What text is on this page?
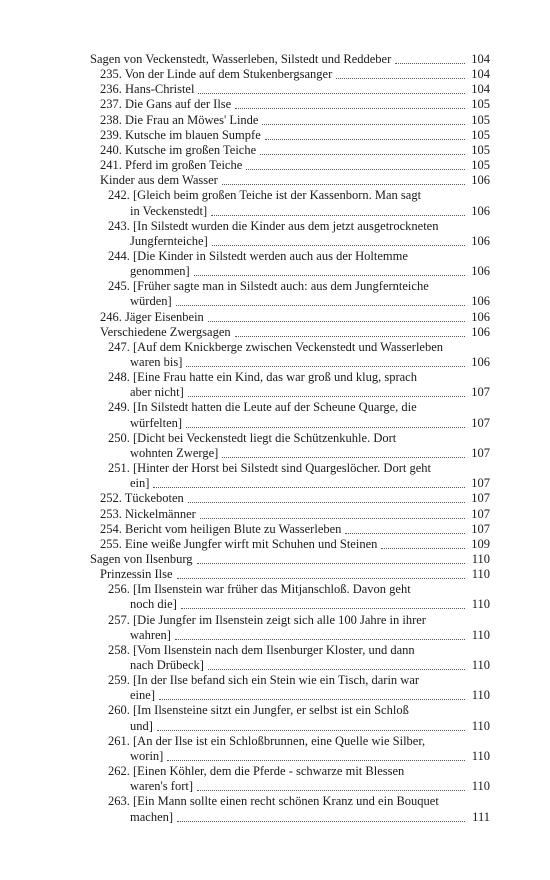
Sagen von Veckenstedt, Wasserleben, Silstedt und Reddeber	104
235. Von der Linde auf dem Stukenbergsanger	104
236. Hans-Christel	104
237. Die Gans auf der Ilse	105
238. Die Frau an Möwes' Linde	105
239. Kutsche im blauen Sumpfe	105
240. Kutsche im großen Teiche	105
241. Pferd im großen Teiche	105
Kinder aus dem Wasser	106
242. [Gleich beim großen Teiche ist der Kassenborn. Man sagt
in Veckenstedt]	106
243. [In Silstedt wurden die Kinder aus dem jetzt ausgetrockneten
Jungfernteiche]	106
244. [Die Kinder in Silstedt werden auch aus der Holtemme
genommen]	106
245. [Früher sagte man in Silstedt auch: aus dem Jungfernteiche
würden]	106
246. Jäger Eisenbein	106
Verschiedene Zwergsagen	106
247. [Auf dem Knickberge zwischen Veckenstedt und Wasserleben
waren bis]	106
248. [Eine Frau hatte ein Kind, das war groß und klug, sprach
aber nicht]	107
249. [In Silstedt hatten die Leute auf der Scheune Quarge, die
würfelten]	107
250. [Dicht bei Veckenstedt liegt die Schützenkuhle. Dort
wohnten Zwerge]	107
251. [Hinter der Horst bei Silstedt sind Quargeslöcher. Dort geht
ein]	107
252. Tückeboten	107
253. Nickelmänner	107
254. Bericht vom heiligen Blute zu Wasserleben	107
255. Eine weiße Jungfer wirft mit Schuhen und Steinen	109
Sagen von Ilsenburg	110
Prinzessin Ilse	110
256. [Im Ilsenstein war früher das Mitjanschloß. Davon geht
noch die]	110
257. [Die Jungfer im Ilsenstein zeigt sich alle 100 Jahre in ihrer
wahren]	110
258. [Vom Ilsenstein nach dem Ilsenburger Kloster, und dann
nach Drübeck]	110
259. [In der Ilse befand sich ein Stein wie ein Tisch, darin war
eine]	110
260. [Im Ilsensteine sitzt ein Jungfer, er selbst ist ein Schloß
und]	110
261. [An der Ilse ist ein Schloßbrunnen, eine Quelle wie Silber,
worin]	110
262. [Einen Köhler, dem die Pferde - schwarze mit Blessen
waren's fort]	110
263. [Ein Mann sollte einen recht schönen Kranz und ein Bouquet
machen]	111
